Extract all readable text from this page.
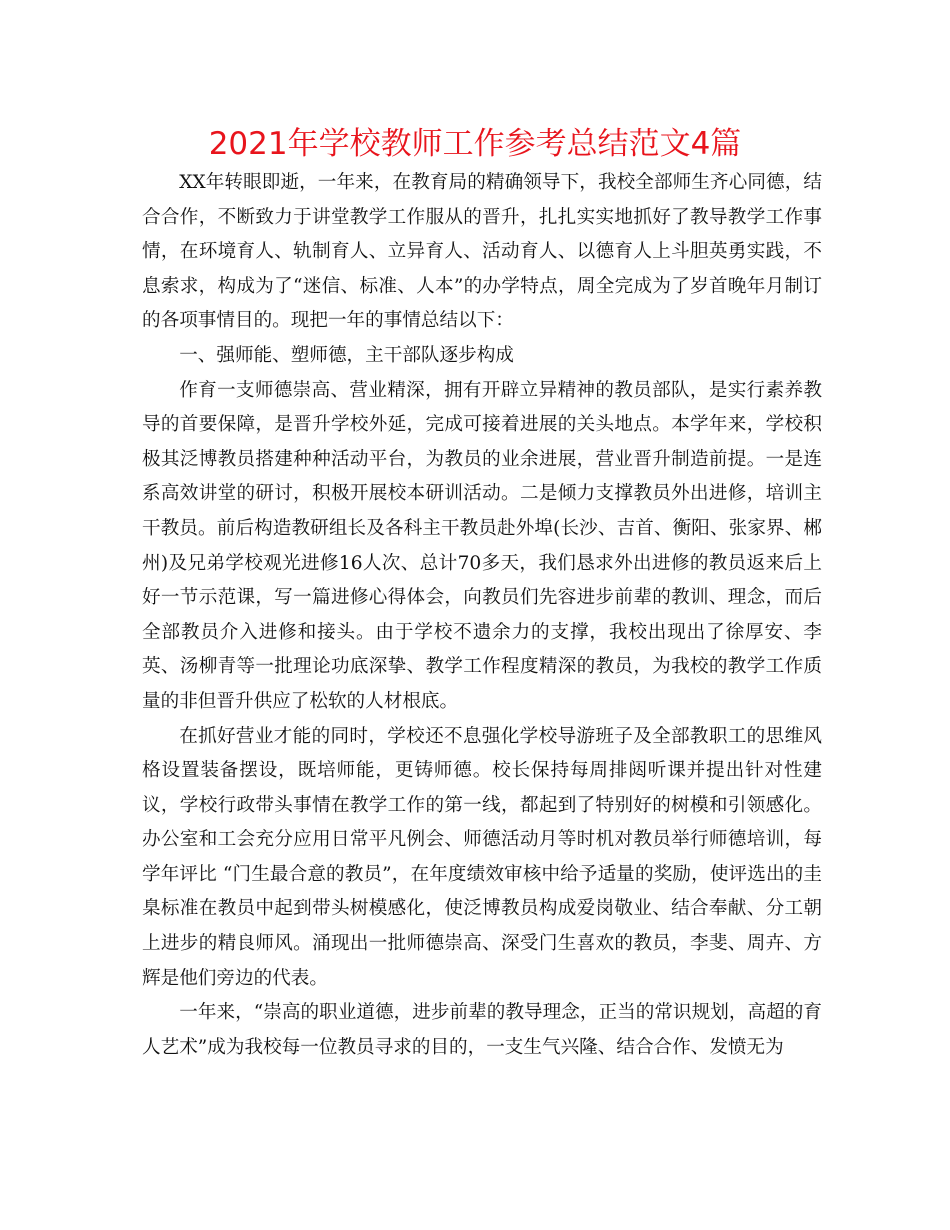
2021年学校教师工作参考总结范文4篇

XX年转眼即逝，一年来，在教育局的精确领导下，我校全部师生齐心同德，结合合作，不断致力于讲堂教学工作服从的晋升，扎扎实实地抓好了教导教学工作事情，在环境育人、轨制育人、立异育人、活动育人、以德育人上斗胆英勇实践，不息索求，构成为了“迷信、标准、人本”的办学特点，周全完成为了岁首晚年月制订的各项事情目的。现把一年的事情总结以下：

一、强师能、塑师德，主干部队逐步构成

作育一支师德崇高、营业精深，拥有开辟立异精神的教员部队，是实行素养教导的首要保障，是晋升学校外延，完成可接着进展的关头地点。本学年来，学校积极其泛博教员搭建种种活动平台，为教员的业余进展，营业晋升制造前提。一是连系高效讲堂的研讨，积极开展校本研训活动。二是倾力支撑教员外出进修，培训主干教员。前后构造教研组长及各科主干教员赴外埠(长沙、吉首、衡阳、张家界、郴州)及兄弟学校观光进修16人次、总计70多天，我们恳求外出进修的教员返来后上好一节示范课，写一篇进修心得体会，向教员们先容进步前辈的教训、理念，而后全部教员介入进修和接头。由于学校不遗余力的支撑，我校出现出了徐厚安、李英、汤柳青等一批理论功底深挚、教学工作程度精深的教员，为我校的教学工作质量的非但晋升供应了松软的人材根底。

在抓好营业才能的同时，学校还不息强化学校导游班子及全部教职工的思维风格设置装备摆设，既培师能，更铸师德。校长保持每周排闼听课并提出针对性建议，学校行政带头事情在教学工作的第一线，都起到了特别好的树模和引领感化。办公室和工会充分应用日常平凡例会、师德活动月等时机对教员举行师德培训，每学年评比 “门生最合意的教员”，在年度绩效审核中给予适量的奖励，使评选出的圭臬标准在教员中起到带头树模感化，使泛博教员构成爱岗敬业、结合奉献、分工朝上进步的精良师风。涌现出一批师德崇高、深受门生喜欢的教员，李斐、周卉、方辉是他们旁边的代表。

一年来，“崇高的职业道德，进步前辈的教导理念，正当的常识规划，高超的育人艺术”成为我校每一位教员寻求的目的，一支生气兴隆、结合合作、发愤无为
